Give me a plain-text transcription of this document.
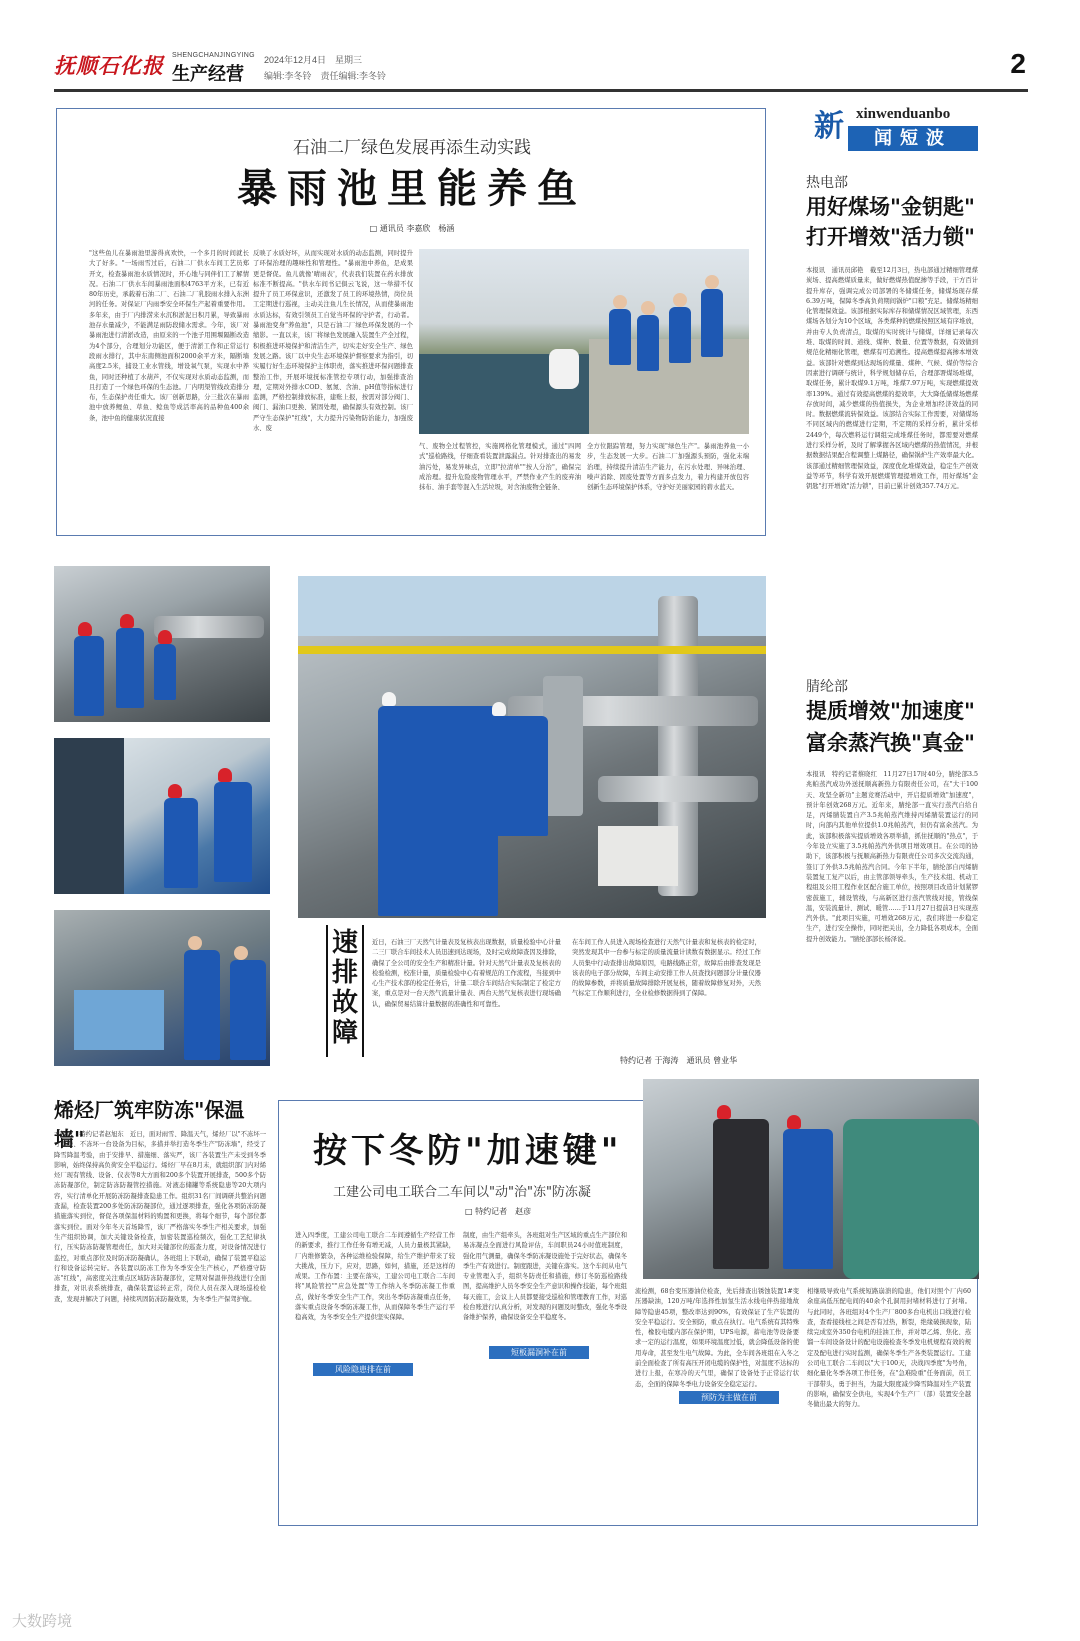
抚顺石化报 SHENGCHANJINGYING
生产经营
2024年12月4日　星期三
编辑:李冬铃　责任编辑:李冬铃	2
石油二厂绿色发展再添生动实践
暴雨池里能养鱼
□ 通讯员 李嘉欣　杨涵
"这些鱼儿在暴雨池里游得真欢快，一个多月的时间就长大了好多。"一场雨雪过后，石油二厂供水车间工艺员郑开文，检查暴雨池水质情况时，开心地与同伴们工了解情况。石油二厂供水车间暴雨池面积4763平方米，已有近80年历史，承载着石油二厂、石油二厂乳胶雨水排入东洲河的任务。对保证厂内雨季安全环保生产起着重要作用。多年来，由于厂内排涝来水沉积淤泥日积月累，导致暴雨池存水量减少，不能满足雨防段储水需求。今年，该厂对暴雨池进行清淤改造，由原来的一个池子用围堰隔断改造为4个部分，合理划分功能区，便于清淤工作和正常运行段雨水排行，其中东南侧池面积2000余平方米，隔断墙高度2.5米，捕设工业水管线，增设氧气泵，实现水中养鱼，同时还种植了水葫芦，不仅实现对水质动态监测，而且打造了一个绿色环保的生态池。厂内明渠管线改造排分布，生态保护责任重大。该厂创新思路，分三批次在暴雨池中放养鲤鱼、草鱼、鲶鱼等成活率高的品种鱼400余条，池中鱼的健康状况直接
反映了水质好坏，从而实现对水质的动态监测，同时提升了环保治理的趣味性和管理性。"暴雨池中养鱼，是成果更是督促。鱼儿就像'晴雨表'，代表我们装置在药水排放标准不断提高。"供水车间书记俱云飞说，这一举措不仅提升了员工环保意识，还激发了员工的环境热情，岗位员工定期进行巡视，主动关注鱼儿生长情况，从而使暴雨池水质达标，有效引领员工自觉当环保的守护者，行动者。暴雨池变身"养鱼池"，只是石油二厂绿色环保发展的一个缩影。一直以来，该厂将绿色发展融入装置生产全过程，积极推进环境保护和清洁生产，切实走好安全生产、绿色发展之路。该厂以中央生态环境保护督察要求为指引，切实履行好生态环境保护主体职责，落实推进环保问题排查整治工作，开展环境抚标准管控专项行动，加强排查治理，定期对外排水COD、氨氮、含油、pH值等指标进行监测，严格控制排放标准，建账上报，按需对部分阀门、阀门、漏油口更换、紧固处理，确保源头有效控制。该厂严守生态保护"红线"，大力提升污染物防治能力，加强废水、废
气、废物全过程管控，实施网格化管理模式，通过"四网式"巡检路线，仔细查看装置泄露漏点。针对排查出的易发油污处，易发异味点，立即"拉清单""按人分治"，确保完成治理。提升危险废物管理水平，严禁作业产生的废弃油抹布、油手套等混入生活垃圾，对含油废物全链条、
全方位跟踪管理，努力实现"绿色生产"。暴雨池养鱼一小步，生态发展一大步。石油二厂加强源头预防，强化末端治理，持续提升清洁生产能力，在污水处理、异味治理、噪声消除、固废处置等方面多点发力，着力构建开放包容创新生态环境保护体系，守护好美丽家园的碧水蓝天。
新 xinwenduanbo
闻短波
热电部
用好煤场"金钥匙"
打开增效"活力锁"
本报讯　通讯员邱艳　截至12月3日，热电部通过精细管理煤炭场、提高燃煤质量来，做好燃煤热值配掺等手段，干方百计提升库存，强调完成公司部署的冬储煤任务，储煤场现存煤6.39万吨，保障冬季高负荷期间锅炉"口粮"充足。储煤场精细化管理保效益。该部根据实际库存和储煤情况区域管理，东西煤场各划分为10个区域，各类煤种的燃煤按照区域有序堆放，并由专人负责清点，取煤的实时统计与储煤，详细记录每次堆、取煤的时间、道线、煤种、数量、位置等数据，有效做到规范化精细化管理，燃煤有可追溯性。提高燃煤提高掺本增效益。该部针对燃煤到达现场的煤量、煤种、气候、煤价等综合因素进行调研与统计，科学规划储存后，合理部署煤场堆煤，取煤任务，累计取煤9.1万吨，堆煤7.97万吨，实现燃煤提效率139%。通过有效提高燃煤的提效率，大大降低储煤场燃煤存放时间，减少燃煤的热值损失，为企业增加经济效益的同时。数据燃煤流转保效益。该部结合实际工作需要，对储煤场不同区域内的燃煤进行定期，不定期的采样分析，累计采样2449个，每次燃料运行调组完成堆煤任务时，都需要对燃煤进行采样分析，及时了解掌握各区域内燃煤的热值情况，并根据数据结果配合程调整上煤路径，确保锅炉生产效率最大化。该部通过精细管理保效益，深度优化堆煤效益，稳定生产创效益等环节，科学有效开展燃煤管理提增效工作，用好煤场"金钥匙"打开增效"活力锁"，目前已累计创效357.74万元。
腈纶部
提质增效"加速度"
富余蒸汽换"真金"
本报讯　特约记者蔡晓红　11月27日17时40分，腈纶部3.5兆帕蒸汽成功外送抚顺高新热力有限责任公司，在"大干100天、攻坚全新功"主题竞赛活动中，开启提质增效"加速度"，预计年创效268万元。近年来，腈纶部一直实行蒸汽自给自足，丙烯腈装置自产3.5兆帕蒸汽维持丙烯腈装置运行的同时，向部内其他单位提供1.0兆帕蒸汽，但仍有富余蒸汽。为此，该部积极落实提质增效各项举措，抓住抚顺的"热点"，于今年设立实施了3.5兆帕蒸汽外供项目增效项目。在公司的协助下，该部积极与抚顺高新热力有限责任公司多次交流沟通，签订了外供3.5兆帕蒸汽合同。今年下半年，腈纶部自丙烯腈装置复工复产以后，由主管部领导牵头，生产技术组、机动工程组及公用工程作业区配合施工单位，按照项目改造计划紧锣密鼓施工，辅设管线，与高新区进行蒸汽管线对接，管线保温，安装流量计、测试、暖管……于11月27日提前3日实现蒸汽外供。"此项目实施，可增效268万元，我们将进一步稳定生产，进行安全操作，同时把关出，全力降低各项成本，全面提升创效能力。"腈纶部部长杨泽说。
速排故障
近日，石油三厂天然气计量表及复核表出现数据，质量检验中心计量二三厂联合车间技术人员迅速到达现场，及时完成故障查因及排除，确保了全公司的安全生产和精准计量。针对天然气计量表及复核表的检验检测，校准计量，质量检验中心有着规范的工作流程，当接到中心生产技术部的检定任务后，计量二联合车间结合实际制定了检定方案，重点是对一台天然气流量计量表、两台天然气复核表进行现场确认，确保贸易结算计量数据的准确性和可靠性。
在车间工作人员进入现场检查进行天然气计量表和复核表的检定时，突然发现其中一台参与标定的质量流量计读数有数据显示。经过工作人员集中行动查排出故障原因，电路线路正常，故障后由排查发现是该表的电子部分故障，车间主动安排工作人员查找问题部分计量仪器的故障参数，并将质量故障排除开展复核，随着故障修复对外，天然气标定工作顺利进行，全业检修数据得到了保障。
特约记者 于海涛　通讯员 曾业华
烯烃厂筑牢防冻"保温墙"
本报讯　特约记者赵旭东　近日，面对雨雪、降温天气，烯烃厂以"不冻坏一寸管线、不冻坏一台设备为目标，多措并举打造冬季生产"防冻墙"，经受了降雪降温考验，由于安排早、措施细、落实严，该厂各装置生产未受到冬季影响，始终保持高负荷安全平稳运行。烯烃厂早在8月末，就组织部门内对烯烃厂现有管线、设备、仪表等8大方面和200多个装置开展排查，500多个防冻防凝部位，制定防冻防凝管控措施。对液态储罐等系统隐患等20大项内容，实行清单化开展防冻防凝排查隐患工作。组织31名厂间调研共整治问题查漏，检查装置200多处防冻防凝部位，通过逐项排查，强化各项防冻防凝措施落实到位，督促各项保温材料的购置和更换，将每个细节，每个部位都落实到位。面对今年冬天首场降雪，该厂严格落实冬季生产相关要求，加强生产组织协调，加大关键设备检查，加密装置巡检频次，强化工艺纪律执行，压实防冻防凝管理责任，加大对关键部位的巡查力度，对设备情况进行监控，对重点部位及时防冻防凝确认，各班组上下联动，确保了装置平稳运行和设备运转完好。各装置以防冻工作为冬季安全生产核心，严格遵守防冻"红线"，高密度关注重点区域防冻防凝部位，定期对保温伴热线进行全面排查，对讯表系统排查，确保装置运转正常，岗位人员在深入现场巡检检查，发现并解决了问题，持续巩固防冻防凝效果，为冬季生产保驾护航。
按下冬防"加速键"
工建公司电工联合二车间以"动"治"冻"防冻凝
□ 特约记者　赵彦
进入四季度，工建公司电工联合二车间遵循生产经营工作的新要求，推行工作任务有增无减，人员力量极其紧缺，厂内维修繁杂，各种运维检验保障，给生产维护带来了较大挑战，压力下，应对，思路，如何，措施，还是这样的成果。工作布置：主要在落实，工建公司电工联合二车间将"风险管控""应急处置"等工作纳入冬季防冻凝工作重点，做好冬季安全生产工作，突出冬季防冻凝重点任务，落实重点设备冬季防冻凝工作，从而保障冬季生产运行平稳高效，为冬季安全生产提供坚实保障。
风险隐患排在前
制度，由生产组牵头，各班组对生产区域的重点生产部位和易冻凝点全面进行风险评估，车间职员24小时值班制度，强化用气测量，确保冬季防冻凝设施处于完好状态，确保冬季生产有效进行。制度跟进，关键在落实。这个车间从电气专业管理入手，组织冬防责任和措施，修订冬防巡检路线图，提高维护人员冬季安全生产意识和操作技能，每个班组每天施工，会议上人员都要接受巡检和管理教育工作，对巡检台账进行认真分析，对发现的问题及时整改，强化冬季设备维护保养，确保设备安全平稳度冬。
短板漏洞补在前
流检测，68台变压器油位检查，先后排查出锈蚀装置1#变压器缺油，120万吨/年选择性加氢生活水线电伴热接地故障等隐患45项，整改率达到90%，有效保证了生产装置的安全平稳运行。安全预防，重点在执行。电气系统有其特殊性，橡胶电缆内部在保护期，UPS电源，蓄电池等设备要求一定的运行温度，如果环境温度过低，就会降低设备的使用寿命，甚至发生电气故障。为此，全车间各班组在入冬之前全面检查了所有高压开闭电缆的保护性，对温度不达标的进行上报，在寒冷的天气里，确保了设备处于正常运行状态，全面的保障冬季电力设备安全稳定运行。
预防为主做在前
相继吸导致电气系统短路崩溃的隐患，他们对照个厂内60余座高低压配电间的40余个孔洞用封堵材料进行了封堵。与此同时，各班组对4个生产厂800多台电机出口线进行检查，查看接线柱之间是否有过热，断裂，绝缘破损现象，陆续完成室外350台电机的挂油工作，并对罩乙烯、焦化、蒸馏一车间设备设计的配电设施检查冬季发电机规程有效的规定及配电进行实时监测，确保冬季生产各类装置运行。工建公司电工联合二车间以"大干100天，决战四季度"为号角，细化量化冬季各项工作任务，在"急难险重"任务面前，员工干部带头，勇于担当，为最大限度减少降雪降温对生产装置的影响，确保安全供电，实现4个生产厂（部）装置安全越冬做出最大的努力。
大数跨境
